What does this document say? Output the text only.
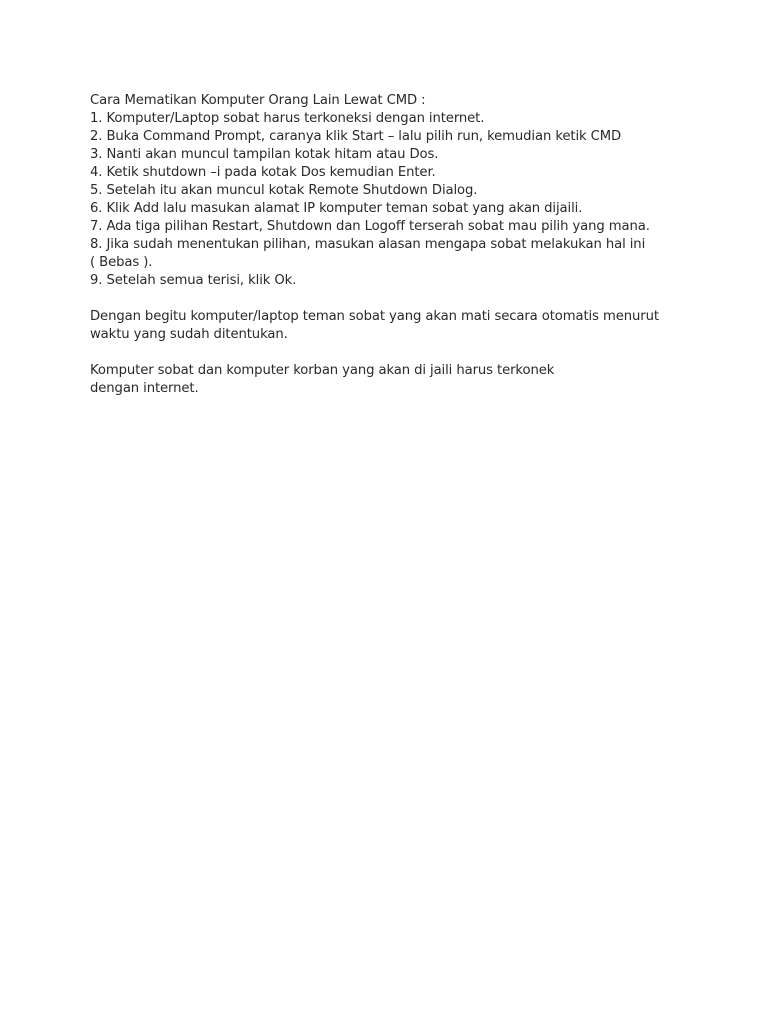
Cara Mematikan Komputer Orang Lain Lewat CMD :
1. Komputer/Laptop sobat harus terkoneksi dengan internet.
2. Buka Command Prompt, caranya klik Start – lalu pilih run, kemudian ketik CMD
3. Nanti akan muncul tampilan kotak hitam atau Dos.
4. Ketik shutdown –i pada kotak Dos kemudian Enter.
5. Setelah itu akan muncul kotak Remote Shutdown Dialog.
6. Klik Add lalu masukan alamat IP komputer teman sobat yang akan dijaili.
7. Ada tiga pilihan Restart, Shutdown dan Logoff terserah sobat mau pilih yang mana.
8. Jika sudah menentukan pilihan, masukan alasan mengapa sobat melakukan hal ini
( Bebas ).
9. Setelah semua terisi, klik Ok.
Dengan begitu komputer/laptop teman sobat yang akan mati secara otomatis menurut
waktu yang sudah ditentukan.
Komputer sobat dan komputer korban yang akan di jaili harus terkonek
dengan internet.
